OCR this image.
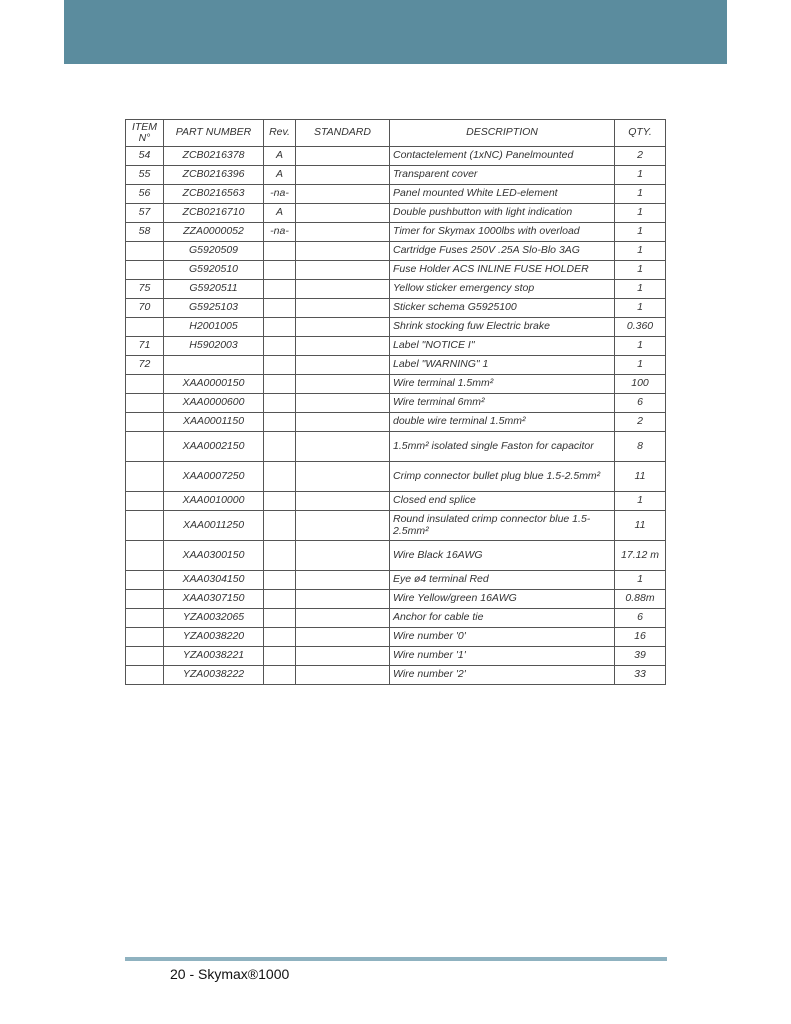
ITEM N°	PART NUMBER	Rev.	STANDARD	DESCRIPTION	QTY.
54	ZCB0216378	A		Contactelement (1xNC) Panelmounted	2
55	ZCB0216396	A		Transparent cover	1
56	ZCB0216563	-na-		Panel mounted White LED-element	1
57	ZCB0216710	A		Double pushbutton with light indication	1
58	ZZA0000052	-na-		Timer for Skymax 1000lbs with overload	1
	G5920509			Cartridge Fuses 250V .25A Slo-Blo 3AG	1
	G5920510			Fuse Holder ACS INLINE FUSE HOLDER	1
75	G5920511			Yellow sticker emergency stop	1
70	G5925103			Sticker schema G5925100	1
	H2001005			Shrink stocking fuw Electric brake	0.360
71	H5902003			Label "NOTICE I"	1
72				Label "WARNING" 1	1
	XAA0000150			Wire terminal 1.5mm²	100
	XAA0000600			Wire terminal 6mm²	6
	XAA0001150			double wire terminal 1.5mm²	2
	XAA0002150			1.5mm² isolated single Faston for capacitor	8
	XAA0007250			Crimp connector bullet plug blue 1.5-2.5mm²	11
	XAA0010000			Closed end splice	1
	XAA0011250			Round insulated crimp connector blue 1.5-2.5mm²	11
	XAA0300150			Wire Black 16AWG	17.12 m
	XAA0304150			Eye ø4 terminal Red	1
	XAA0307150			Wire Yellow/green 16AWG	0.88m
	YZA0032065			Anchor for cable tie	6
	YZA0038220			Wire number '0'	16
	YZA0038221			Wire number '1'	39
	YZA0038222			Wire number '2'	33
20 - Skymax®1000
